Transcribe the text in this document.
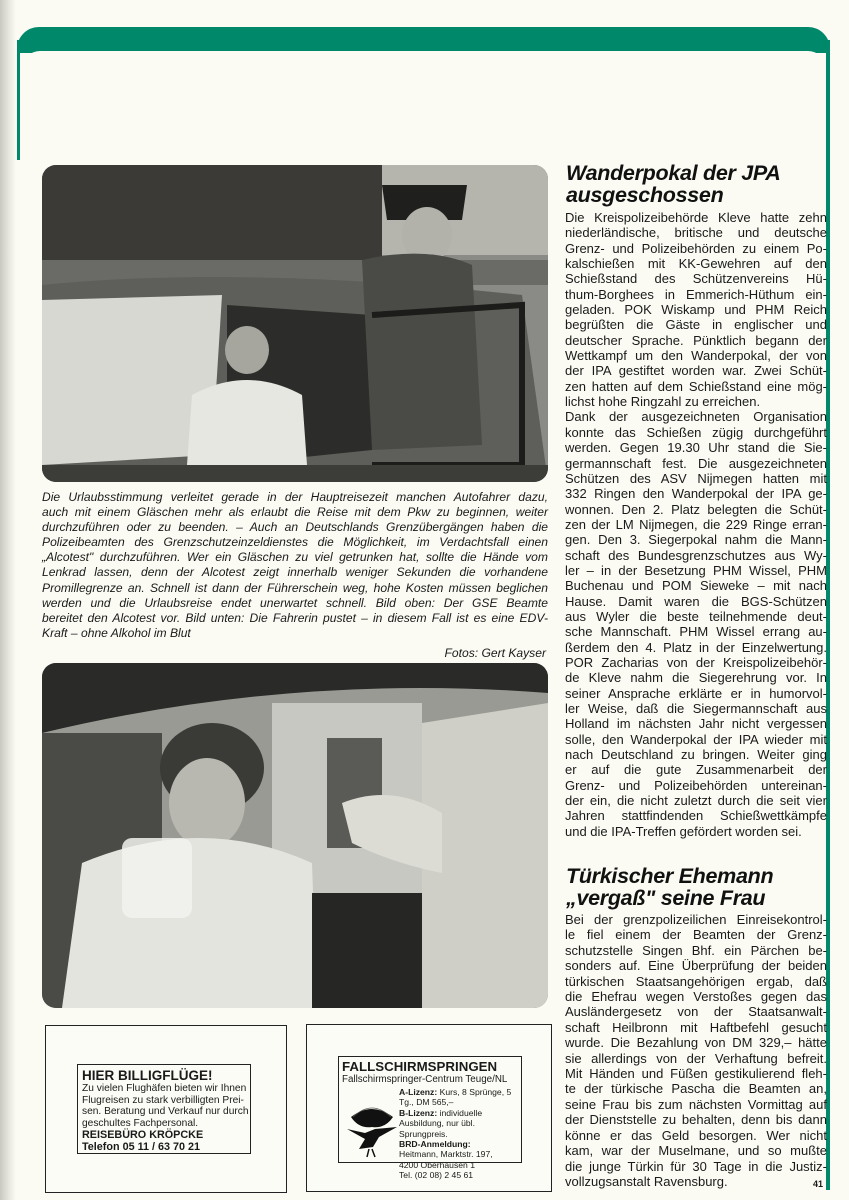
Die Urlaubsstimmung verleitet gerade in der Hauptreisezeit manchen Autofahrer dazu,
auch mit einem Gläschen mehr als erlaubt die Reise mit dem Pkw zu beginnen, weiter
durchzuführen oder zu beenden. – Auch an Deutschlands Grenzübergängen haben die
Polizeibeamten des Grenzschutzeinzeldienstes die Möglichkeit, im Verdachtsfall einen
„Alcotest" durchzuführen. Wer ein Gläschen zu viel getrunken hat, sollte die Hände vom
Lenkrad lassen, denn der Alcotest zeigt innerhalb weniger Sekunden die vorhandene
Promillegrenze an. Schnell ist dann der Führerschein weg, hohe Kosten müssen beglichen
werden und die Urlaubsreise endet unerwartet schnell. Bild oben: Der GSE Beamte
bereitet den Alcotest vor. Bild unten: Die Fahrerin pustet – in diesem Fall ist es eine EDV-
Kraft – ohne Alkohol im Blut
Fotos: Gert Kayser
Wanderpokal der JPA
ausgeschossen
Die Kreispolizeibehörde Kleve hatte zehn
niederländische, britische und deutsche
Grenz- und Polizeibehörden zu einem Po-
kalschießen mit KK-Gewehren auf den
Schießstand des Schützenvereins Hü-
thum-Borghees in Emmerich-Hüthum ein-
geladen. POK Wiskamp und PHM Reich
begrüßten die Gäste in englischer und
deutscher Sprache. Pünktlich begann der
Wettkampf um den Wanderpokal, der von
der IPA gestiftet worden war. Zwei Schüt-
zen hatten auf dem Schießstand eine mög-
lichst hohe Ringzahl zu erreichen.
Dank der ausgezeichneten Organisation
konnte das Schießen zügig durchgeführt
werden. Gegen 19.30 Uhr stand die Sie-
germannschaft fest. Die ausgezeichneten
Schützen des ASV Nijmegen hatten mit
332 Ringen den Wanderpokal der IPA ge-
wonnen. Den 2. Platz belegten die Schüt-
zen der LM Nijmegen, die 229 Ringe erran-
gen. Den 3. Siegerpokal nahm die Mann-
schaft des Bundesgrenzschutzes aus Wy-
ler – in der Besetzung PHM Wissel, PHM
Buchenau und POM Sieweke – mit nach
Hause. Damit waren die BGS-Schützen
aus Wyler die beste teilnehmende deut-
sche Mannschaft. PHM Wissel errang au-
ßerdem den 4. Platz in der Einzelwertung.
POR Zacharias von der Kreispolizeibehör-
de Kleve nahm die Siegerehrung vor. In
seiner Ansprache erklärte er in humorvol-
ler Weise, daß die Siegermannschaft aus
Holland im nächsten Jahr nicht vergessen
solle, den Wanderpokal der IPA wieder mit
nach Deutschland zu bringen. Weiter ging
er auf die gute Zusammenarbeit der
Grenz- und Polizeibehörden untereinan-
der ein, die nicht zuletzt durch die seit vier
Jahren stattfindenden Schießwettkämpfe
und die IPA-Treffen gefördert worden sei.
Türkischer Ehemann
„vergaß" seine Frau
Bei der grenzpolizeilichen Einreisekontrol-
le fiel einem der Beamten der Grenz-
schutzstelle Singen Bhf. ein Pärchen be-
sonders auf. Eine Überprüfung der beiden
türkischen Staatsangehörigen ergab, daß
die Ehefrau wegen Verstoßes gegen das
Ausländergesetz von der Staatsanwalt-
schaft Heilbronn mit Haftbefehl gesucht
wurde. Die Bezahlung von DM 329,– hätte
sie allerdings von der Verhaftung befreit.
Mit Händen und Füßen gestikulierend fleh-
te der türkische Pascha die Beamten an,
seine Frau bis zum nächsten Vormittag auf
der Dienststelle zu behalten, denn bis dann
könne er das Geld besorgen. Wer nicht
kam, war der Muselmane, und so mußte
die junge Türkin für 30 Tage in die Justiz-
vollzugsanstalt Ravensburg.
HIER BILLIGFLÜGE!
Zu vielen Flughäfen bieten wir Ihnen
Flugreisen zu stark verbilligten Prei-
sen. Beratung und Verkauf nur durch
geschultes Fachpersonal.
REISEBÜRO KRÖPCKE
Telefon 05 11 / 63 70 21
FALLSCHIRMSPRINGEN
Fallschirmspringer-Centrum Teuge/NL
A-Lizenz: Kurs, 8 Sprünge, 5 Tg., DM 565,–
B-Lizenz: individuelle Ausbildung, nur übl. Sprungpreis.
BRD-Anmeldung:
Heitmann, Marktstr. 197,
4200 Oberhausen 1
Tel. (02 08) 2 45 61
41
